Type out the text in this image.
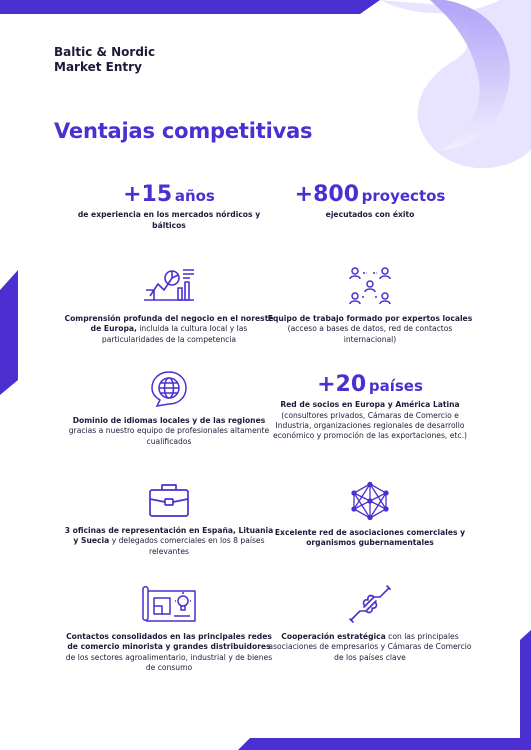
Baltic & Nordic
Market Entry
Ventajas competitivas
+15 años
de experiencia en los mercados nórdicos y bálticos
+800 proyectos
ejecutados con éxito
Comprensión profunda del negocio en el noreste de Europa, incluida la cultura local y las particularidades de la competencia
Equipo de trabajo formado por expertos locales (acceso a bases de datos, red de contactos internacional)
Dominio de idiomas locales y de las regiones gracias a nuestro equipo de profesionales altamente cualificados
+20 países
Red de socios en Europa y América Latina (consultores privados, Cámaras de Comercio e Industria, organizaciones regionales de desarrollo económico y promoción de las exportaciones, etc.)
3 oficinas de representación en España, Lituania y Suecia y delegados comerciales en los 8 países relevantes
Excelente red de asociaciones comerciales y organismos gubernamentales
Contactos consolidados en las principales redes de comercio minorista y grandes distribuidores de los sectores agroalimentario, industrial y de bienes de consumo
Cooperación estratégica con las principales asociaciones de empresarios y Cámaras de Comercio de los países clave
